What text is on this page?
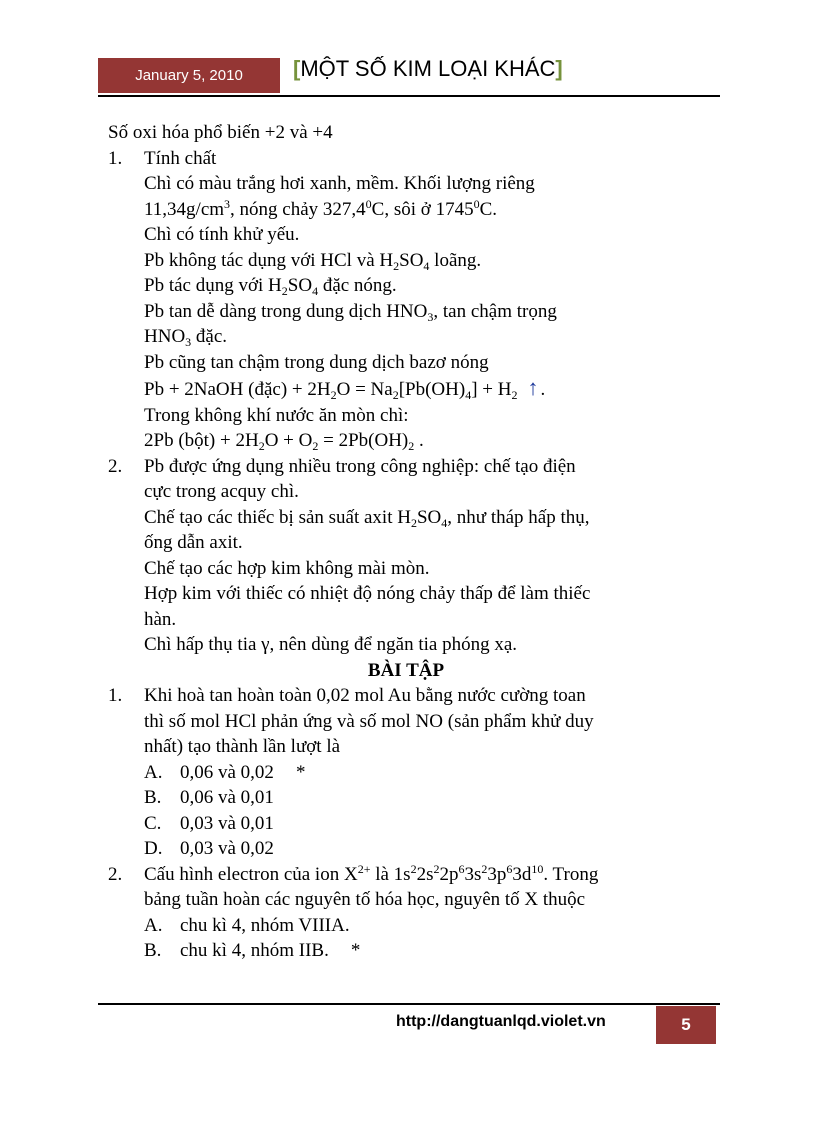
January 5, 2010	[MỘT SỐ KIM LOẠI KHÁC]
Số oxi hóa phổ biến +2 và +4
1. Tính chất
Chì có màu trắng hơi xanh, mềm. Khối lượng riêng
$11,34g/cm^3$, nóng chảy 327,4$^0$C, sôi ở 1745$^0$C.
Chì có tính khử yếu.
Pb không tác dụng với HCl và $H_2SO_4$ loãng.
Pb tác dụng với $H_2SO_4$ đặc nóng.
Pb tan dễ dàng trong dung dịch $HNO_3$, tan chậm trọng
$HNO_3$ đặc.
Pb cũng tan chậm trong dung dịch bazơ nóng
Pb + 2NaOH (đặc) + $2H_2O = Na_2[Pb(OH)_4] + H_2$ ↑ .
Trong không khí nước ăn mòn chì:
2Pb (bột) + $2H_2O + O_2 = 2Pb(OH)_2$ .
2.	Pb được ứng dụng nhiều trong công nghiệp: chế tạo điện
cực trong acquy chì.
Chế tạo các thiếc bị sản suất axit $H_2SO_4$, như tháp hấp thụ,
ống dẫn axit.
Chế tạo các hợp kim không mài mòn.
Hợp kim với thiếc có nhiệt độ nóng chảy thấp để làm thiếc
hàn.
Chì hấp thụ tia γ, nên dùng để ngăn tia phóng xạ.
BÀI TẬP
1. Khi hoà tan hoàn toàn 0,02 mol Au bằng nước cường toan
thì số mol HCl phản ứng và số mol NO (sản phẩm khử duy
nhất) tạo thành lần lượt là
A. 0,06 và 0,02 *
B. 0,06 và 0,01
C. 0,03 và 0,01
D. 0,03 và 0,02
2. Cấu hình electron của ion $X^{2+}$ là $1s^22s^22p^63s^23p^63d^{10}$. Trong
bảng tuần hoàn các nguyên tố hóa học, nguyên tố X thuộc
A. chu kì 4, nhóm VIIIA.
B. chu kì 4, nhóm IIB. *
http://dangtuanlqd.violet.vn	5
